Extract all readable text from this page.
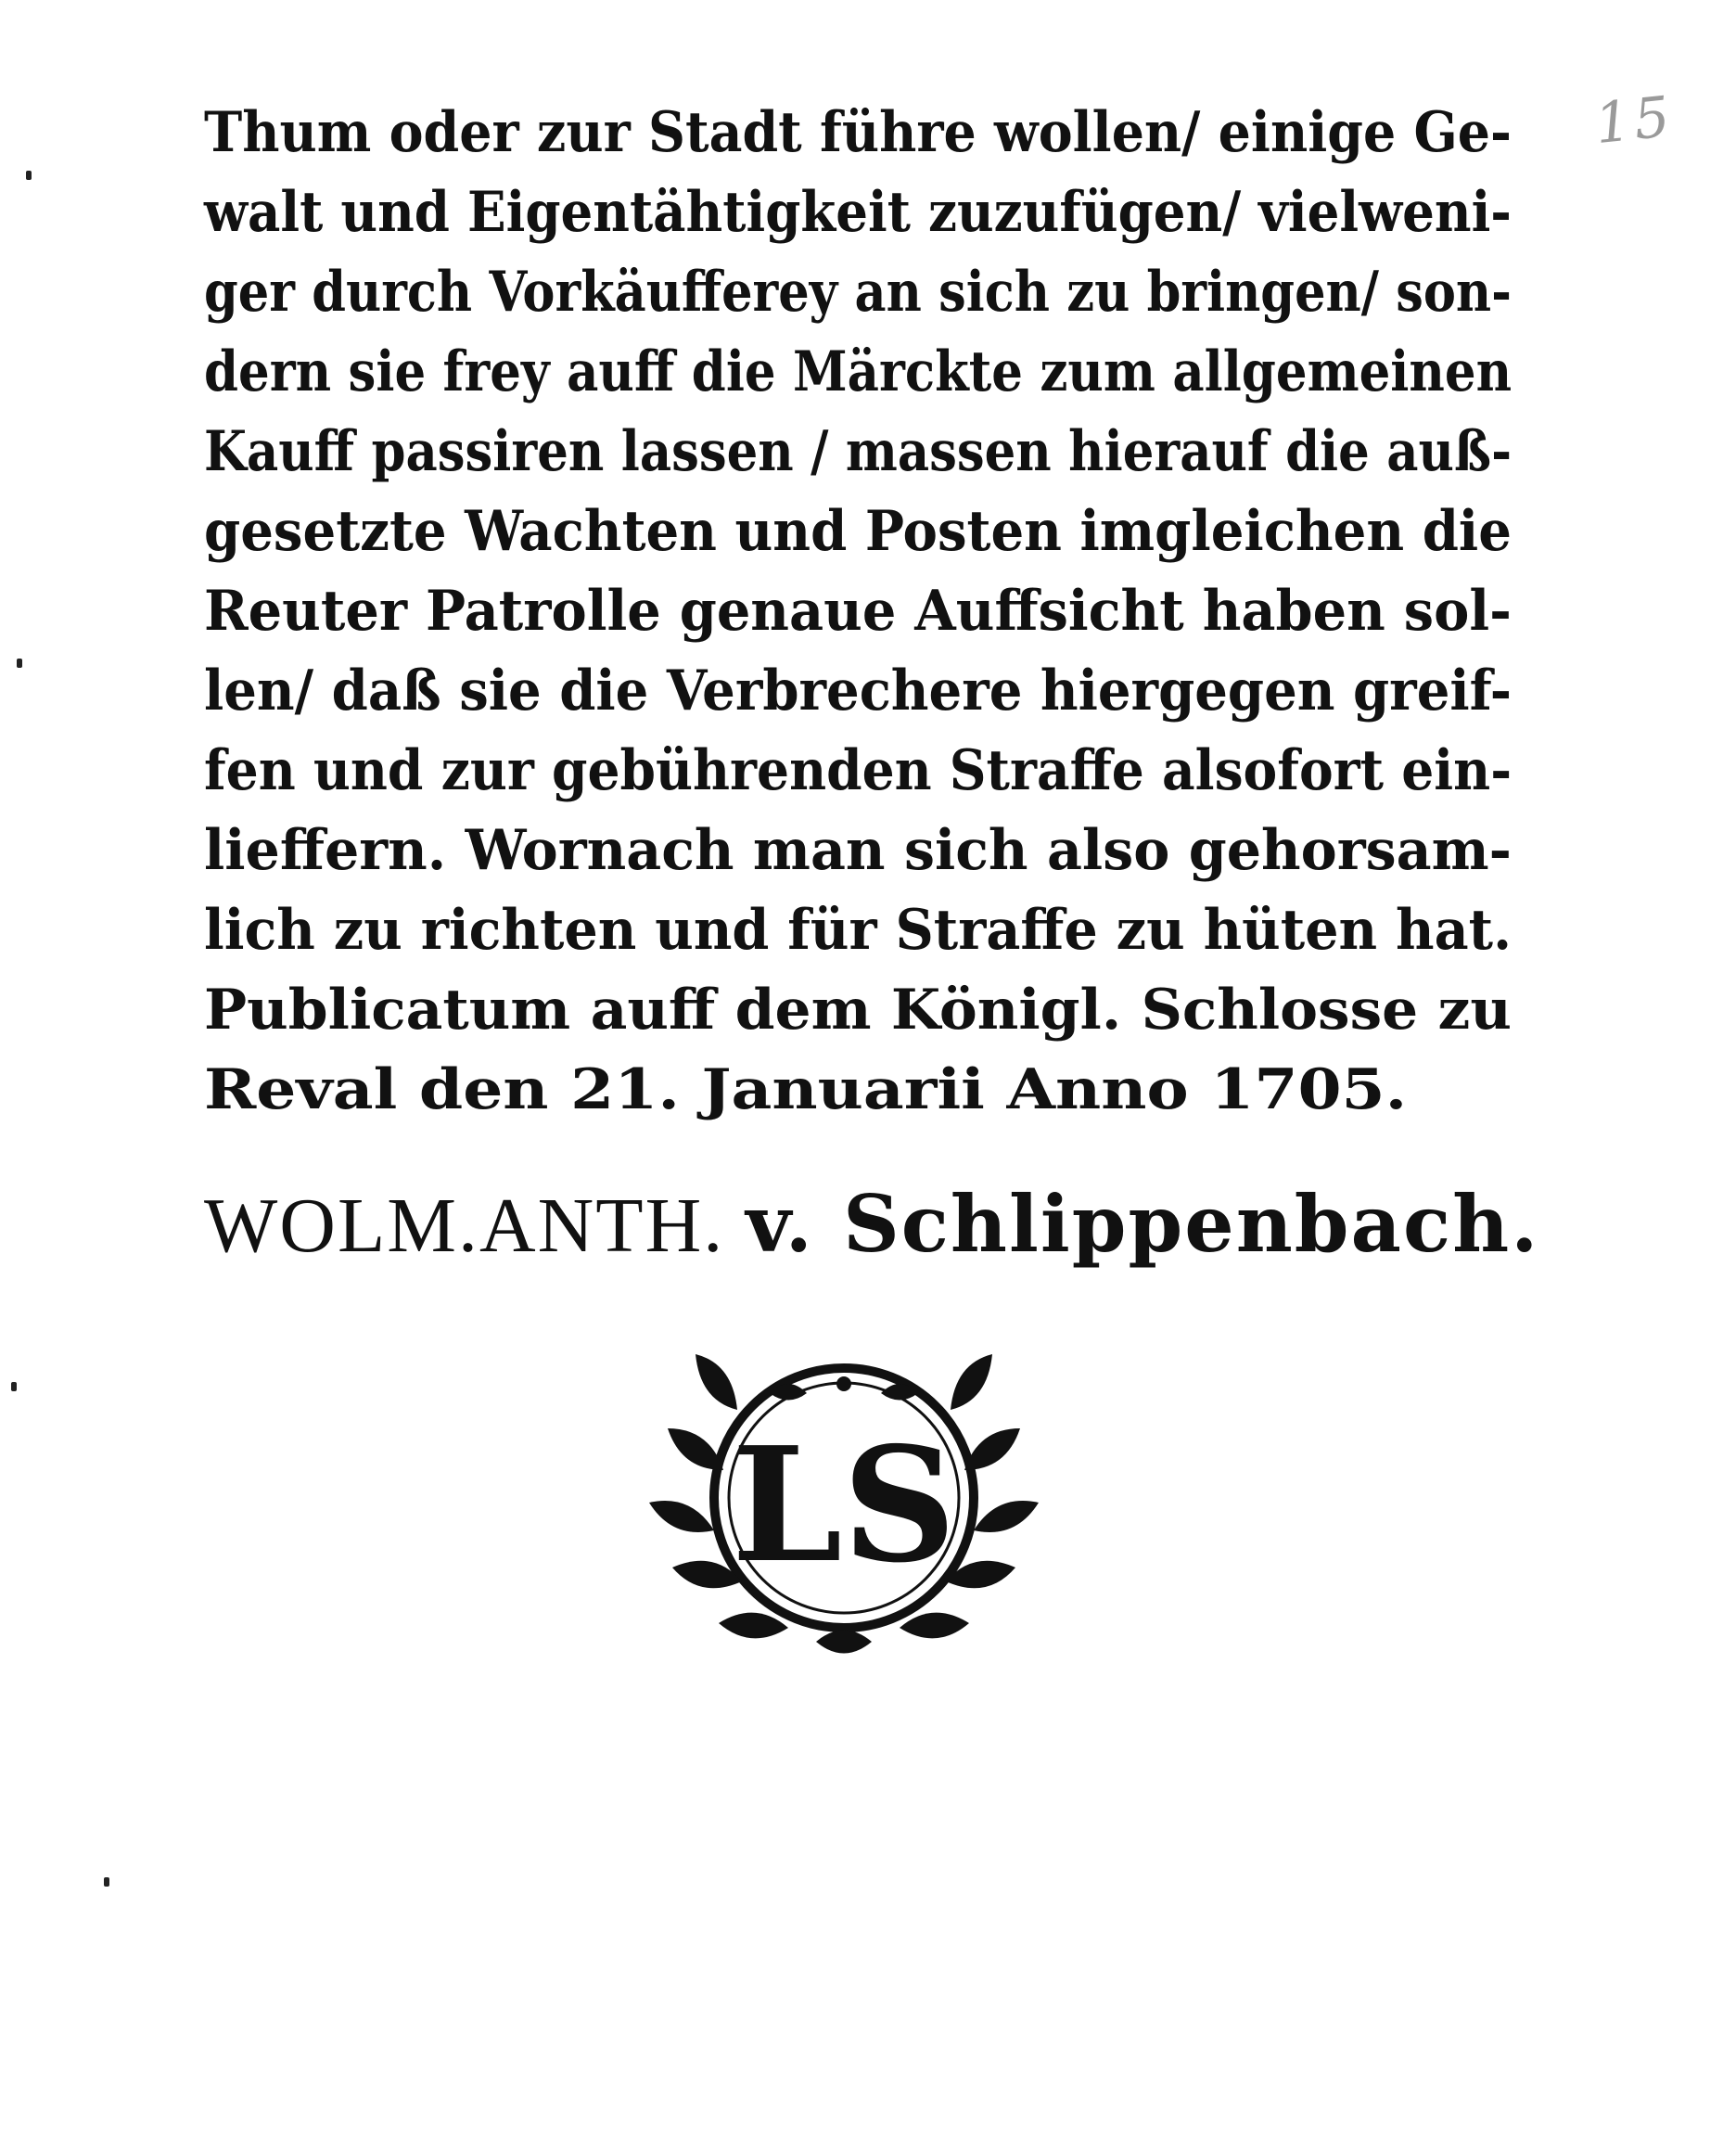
15
Thum oder zur Stadt führe wollen/ einige Ge-
walt und Eigentähtigkeit zuzufügen/ vielweni-
ger durch Vorkäufferey an sich zu bringen/ son-
dern sie frey auff die Märckte zum allgemeinen
Kauff passiren lassen / massen hierauf die auß-
gesetzte Wachten und Posten imgleichen die
Reuter Patrolle genaue Auffsicht haben sol-
len/ daß sie die Verbrechere hiergegen greif-
fen und zur gebührenden Straffe alsofort ein-
lieffern. Wornach man sich also gehorsam-
lich zu richten und für Straffe zu hüten hat.
Publicatum auff dem Königl. Schlosse zu
Reval den 21. Januarii Anno 1705.
WOLM.ANTH. v. Schlippenbach.
LS
